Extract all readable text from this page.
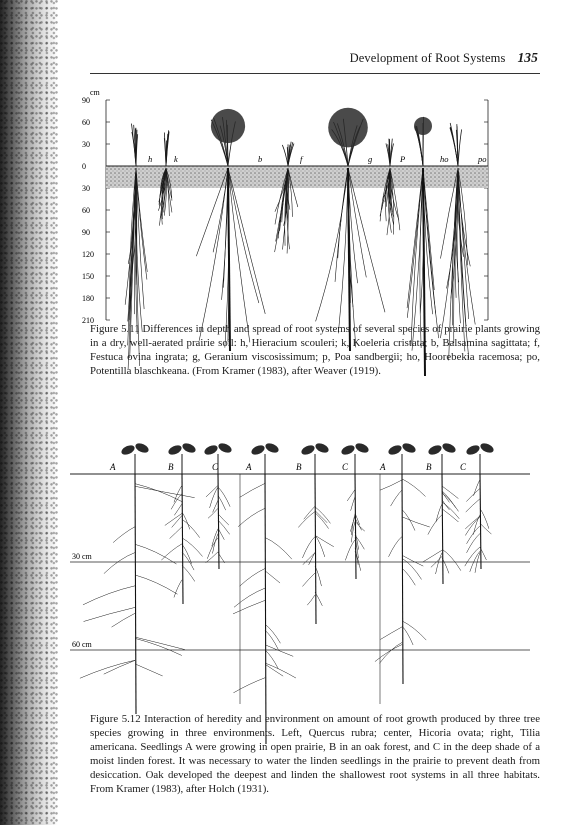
Development of Root Systems 135
cm
90
60
30
0
30
60
90
120
150
180
210
h	k	b	f	g	P	ho	po
Figure 5.11 Differences in depth and spread of root systems of several species of prairie plants growing in a dry, well-aerated prairie soil: h, Hieracium scouleri; k, Koeleria cristata; b, Balsamina sagittata; f, Festuca ovina ingrata; g, Geranium viscosissimum; p, Poa sandbergii; ho, Hoorebekia racemosa; po, Potentilla blaschkeana. (From Kramer (1983), after Weaver (1919).
30 cm
60 cm
A	B	C	A	B	C	A	B	C
Figure 5.12 Interaction of heredity and environment on amount of root growth produced by three tree species growing in three environments. Left, Quercus rubra; center, Hicoria ovata; right, Tilia americana. Seedlings A were growing in open prairie, B in an oak forest, and C in the deep shade of a moist linden forest. It was necessary to water the linden seedlings in the prairie to prevent death from desiccation. Oak developed the deepest and linden the shallowest root systems in all three habitats. From Kramer (1983), after Holch (1931).
